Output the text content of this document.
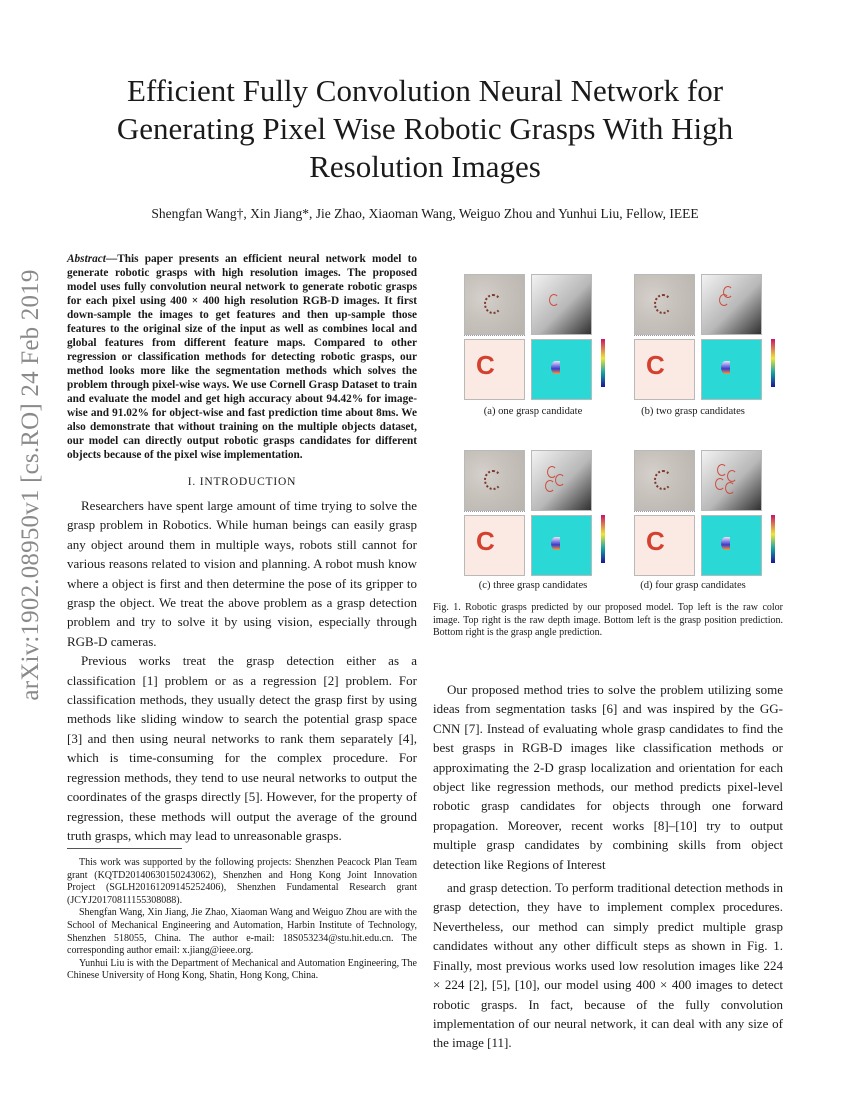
arXiv:1902.08950v1 [cs.RO] 24 Feb 2019
Efficient Fully Convolution Neural Network for Generating Pixel Wise Robotic Grasps With High Resolution Images
Shengfan Wang†, Xin Jiang*, Jie Zhao, Xiaoman Wang, Weiguo Zhou and Yunhui Liu, Fellow, IEEE

Abstract—This paper presents an efficient neural network model to generate robotic grasps with high resolution images. The proposed model uses fully convolution neural network to generate robotic grasps for each pixel using 400 × 400 high resolution RGB-D images. It first down-sample the images to get features and then up-sample those features to the original size of the input as well as combines local and global features from different feature maps. Compared to other regression or classification methods for detecting robotic grasps, our method looks more like the segmentation methods which solves the problem through pixel-wise ways. We use Cornell Grasp Dataset to train and evaluate the model and get high accuracy about 94.42% for image-wise and 91.02% for object-wise and fast prediction time about 8ms. We also demonstrate that without training on the multiple objects dataset, our model can directly output robotic grasps candidates for different objects because of the pixel wise implementation.

I. INTRODUCTION

Researchers have spent large amount of time trying to solve the grasp problem in Robotics. While human beings can easily grasp any object around them in multiple ways, robots still cannot for various reasons related to vision and planning. A robot mush know where a object is first and then determine the pose of its gripper to grasp the object. We treat the above problem as a grasp detection problem and try to solve it by using vision, especially through RGB-D cameras.

Previous works treat the grasp detection either as a classification [1] problem or as a regression [2] problem. For classification methods, they usually detect the grasp first by using methods like sliding window to search the potential grasp space [3] and then using neural networks to rank them separately [4], which is time-consuming for the complex procedure. For regression methods, they tend to use neural networks to output the coordinates of the grasps directly [5]. However, for the property of regression, these methods will output the average of the ground truth grasps, which may lead to unreasonable grasps.

This work was supported by the following projects: Shenzhen Peacock Plan Team grant (KQTD20140630150243062), Shenzhen and Hong Kong Joint Innovation Project (SGLH20161209145252406), Shenzhen Fundamental Research grant (JCYJ20170811155308088).

Shengfan Wang, Xin Jiang, Jie Zhao, Xiaoman Wang and Weiguo Zhou are with the School of Mechanical Engineering and Automation, Harbin Institute of Technology, Shenzhen 518055, China. The author e-mail: 18S053234@stu.hit.edu.cn. The corresponding author email: x.jiang@ieee.org.

Yunhui Liu is with the Department of Mechanical and Automation Engineering, The Chinese University of Hong Kong, Shatin, Hong Kong, China.

C	C
(a) one grasp candidate	(b) two grasp candidates
C	C
(c) three grasp candidates	(d) four grasp candidates

Fig. 1. Robotic grasps predicted by our proposed model. Top left is the raw color image. Top right is the raw depth image. Bottom left is the grasp position prediction. Bottom right is the grasp angle prediction.

Our proposed method tries to solve the problem utilizing some ideas from segmentation tasks [6] and was inspired by the GG-CNN [7]. Instead of evaluating whole grasp candidates to find the best grasps in RGB-D images like classification methods or approximating the 2-D grasp localization and orientation for each object like regression methods, our method predicts pixel-level robotic grasp candidates for objects through one forward propagation. Moreover, recent works [8]–[10] try to output multiple grasp candidates by combining skills from object detection like Regions of Interest

and grasp detection. To perform traditional detection methods in grasp detection, they have to implement complex procedures. Nevertheless, our method can simply predict multiple grasp candidates without any other difficult steps as shown in Fig. 1. Finally, most previous works used low resolution images like 224 × 224 [2], [5], [10], our model using 400 × 400 images to detect robotic grasps. In fact, because of the fully convolution implementation of our neural network, it can deal with any size of the image [11].
